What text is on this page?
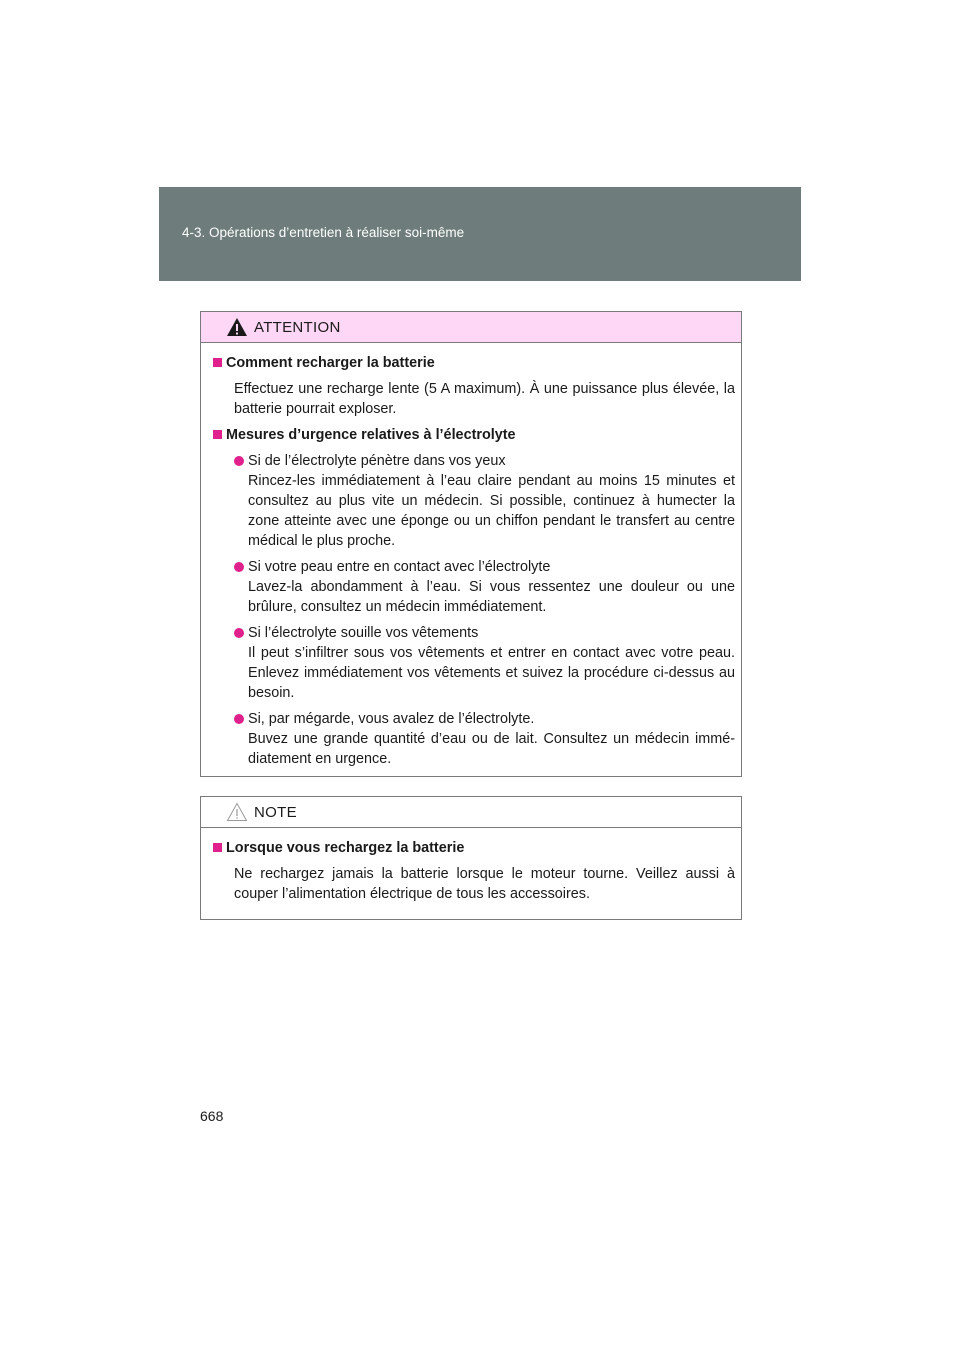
4-3. Opérations d’entretien à réaliser soi-même
ATTENTION
Comment recharger la batterie
Effectuez une recharge lente (5 A maximum). À une puissance plus élevée, la batterie pourrait exploser.
Mesures d’urgence relatives à l’électrolyte
Si de l’électrolyte pénètre dans vos yeux
Rincez-les immédiatement à l’eau claire pendant au moins 15 minutes et consultez au plus vite un médecin. Si possible, continuez à humecter la zone atteinte avec une éponge ou un chiffon pendant le transfert au centre médical le plus proche.
Si votre peau entre en contact avec l’électrolyte
Lavez-la abondamment à l’eau. Si vous ressentez une douleur ou une brûlure, consultez un médecin immédiatement.
Si l’électrolyte souille vos vêtements
Il peut s’infiltrer sous vos vêtements et entrer en contact avec votre peau. Enlevez immédiatement vos vêtements et suivez la procédure ci-dessus au besoin.
Si, par mégarde, vous avalez de l’électrolyte.
Buvez une grande quantité d’eau ou de lait. Consultez un médecin immé-diatement en urgence.
NOTE
Lorsque vous rechargez la batterie
Ne rechargez jamais la batterie lorsque le moteur tourne. Veillez aussi à couper l’alimentation électrique de tous les accessoires.
668
